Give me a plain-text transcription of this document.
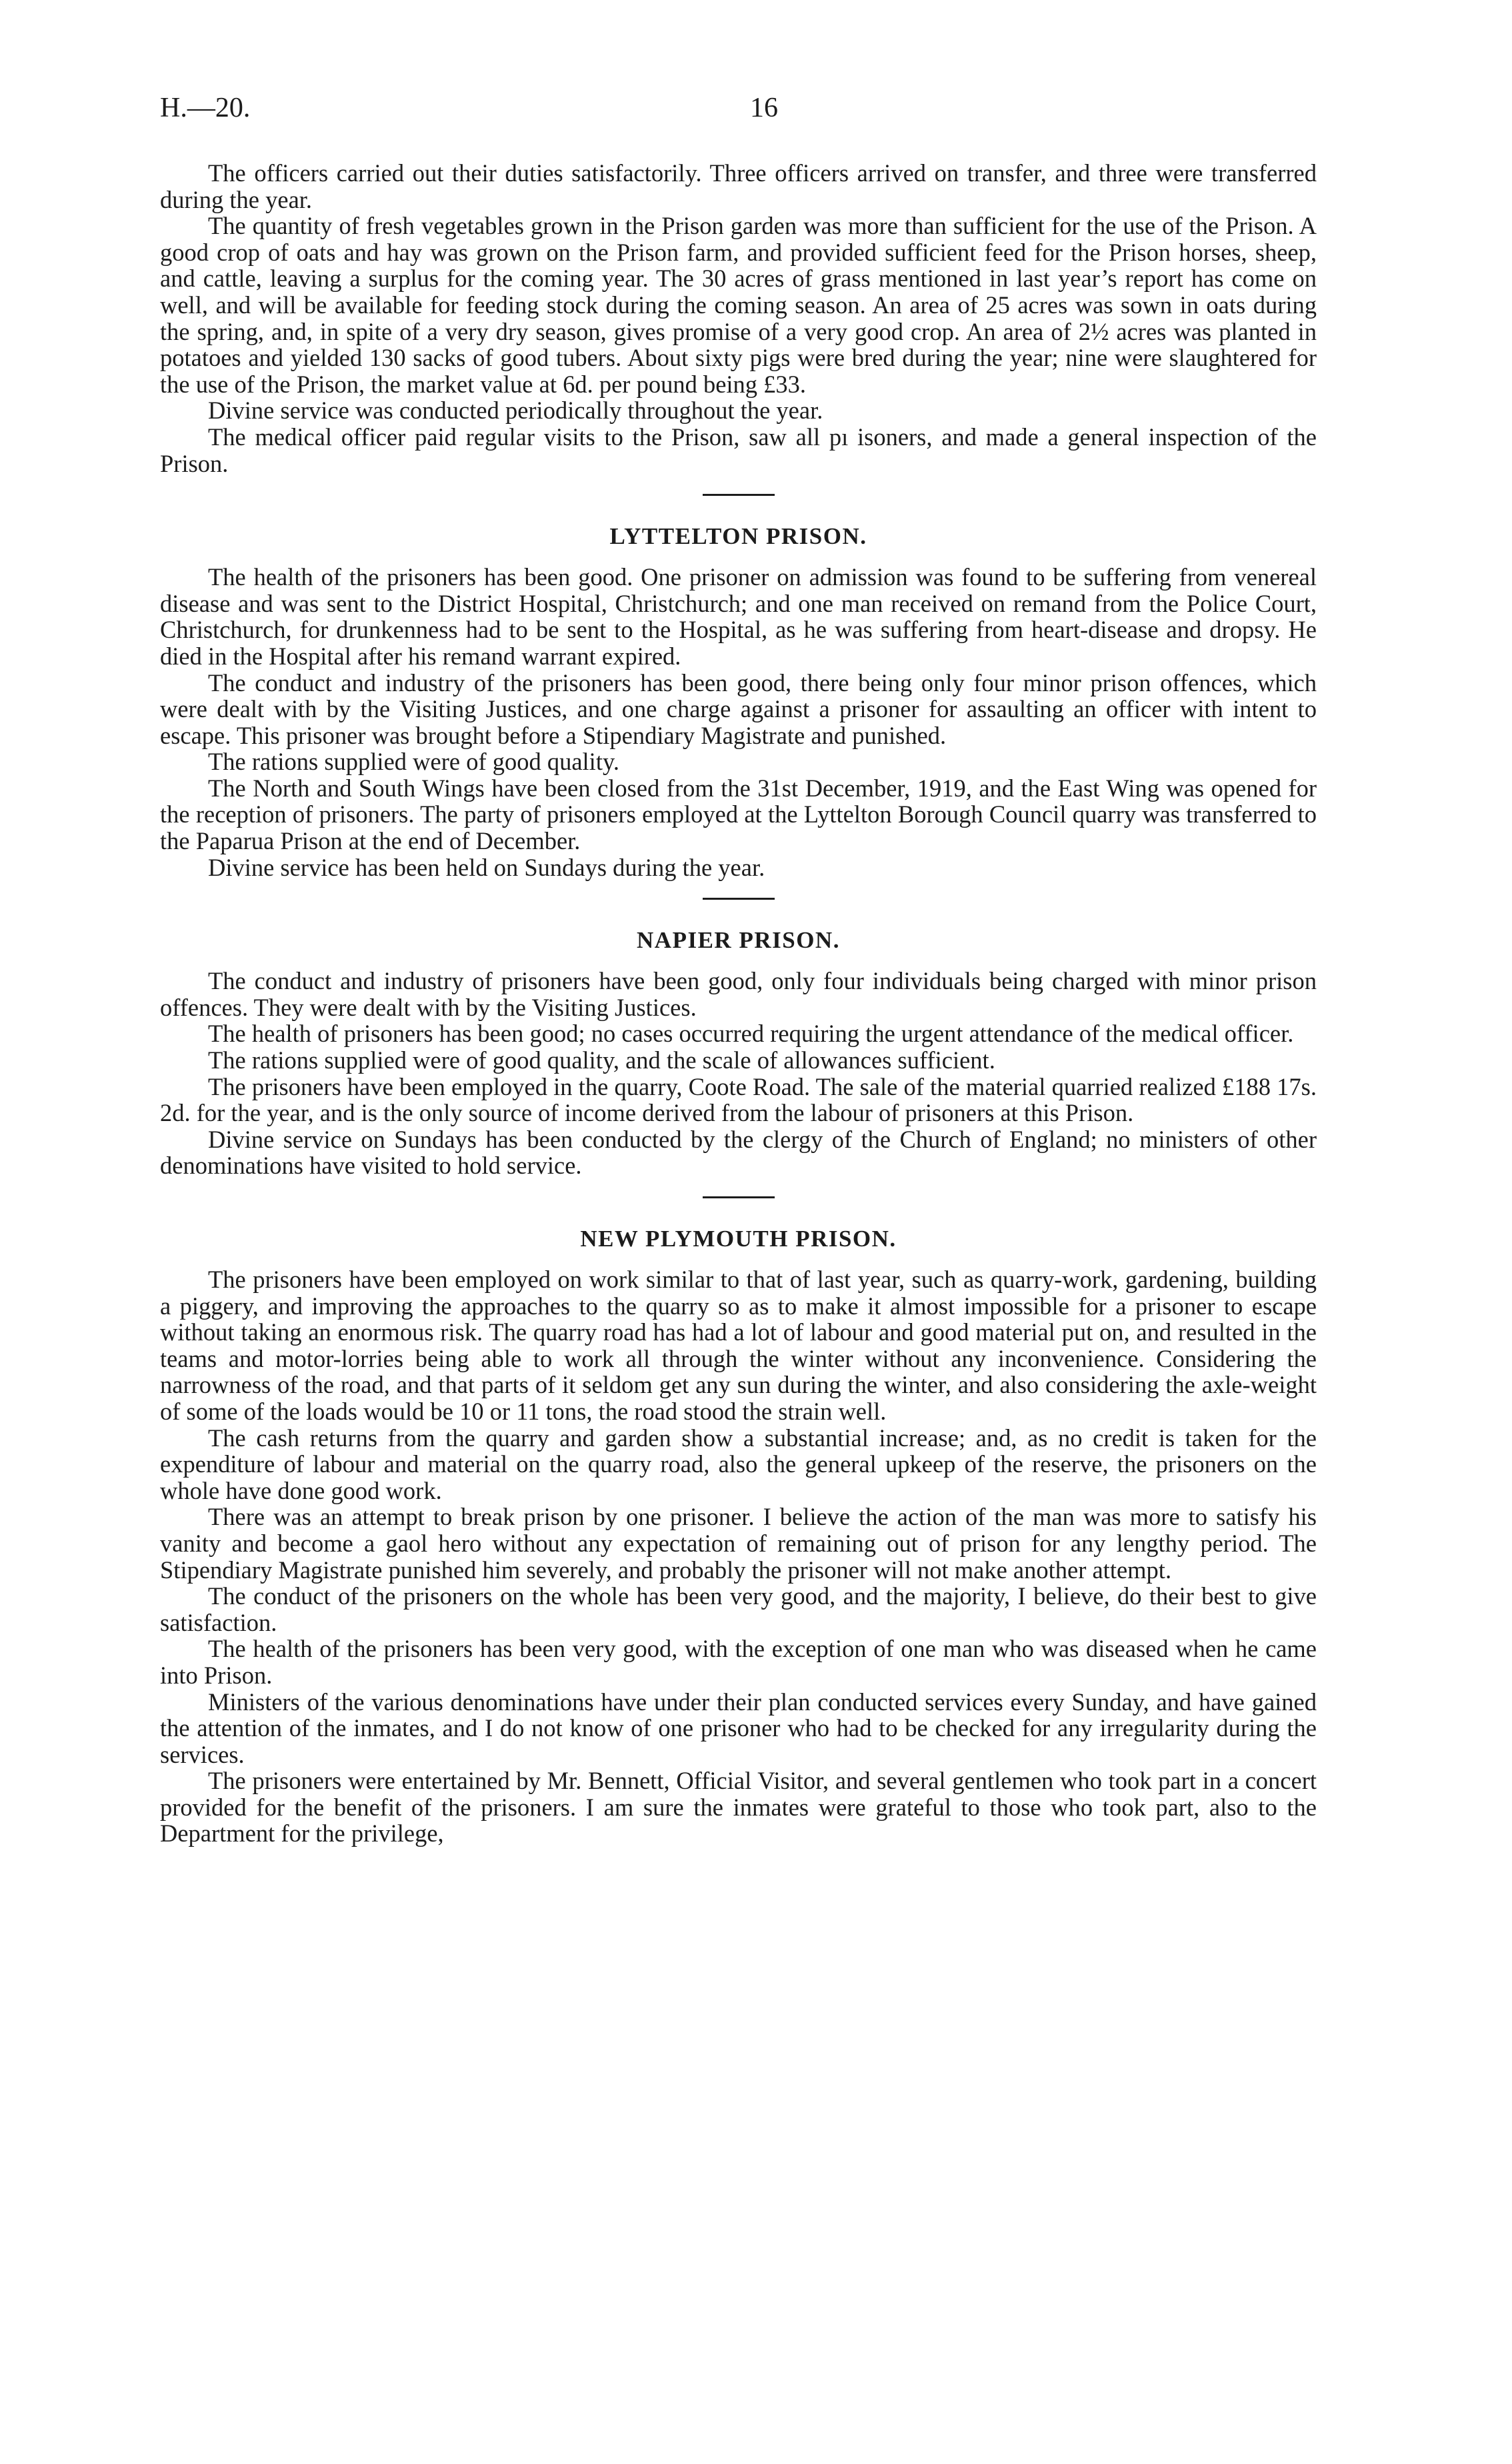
H.—20.	16

The officers carried out their duties satisfactorily. Three officers arrived on transfer, and three were transferred during the year.

The quantity of fresh vegetables grown in the Prison garden was more than sufficient for the use of the Prison. A good crop of oats and hay was grown on the Prison farm, and provided sufficient feed for the Prison horses, sheep, and cattle, leaving a surplus for the coming year. The 30 acres of grass mentioned in last year’s report has come on well, and will be available for feeding stock during the coming season. An area of 25 acres was sown in oats during the spring, and, in spite of a very dry season, gives promise of a very good crop. An area of 2½ acres was planted in potatoes and yielded 130 sacks of good tubers. About sixty pigs were bred during the year; nine were slaughtered for the use of the Prison, the market value at 6d. per pound being £33.

Divine service was conducted periodically throughout the year.

The medical officer paid regular visits to the Prison, saw all pı isoners, and made a general inspection of the Prison.

LYTTELTON PRISON.

The health of the prisoners has been good. One prisoner on admission was found to be suffering from venereal disease and was sent to the District Hospital, Christchurch; and one man received on remand from the Police Court, Christchurch, for drunkenness had to be sent to the Hospital, as he was suffering from heart-disease and dropsy. He died in the Hospital after his remand warrant expired.

The conduct and industry of the prisoners has been good, there being only four minor prison offences, which were dealt with by the Visiting Justices, and one charge against a prisoner for assaulting an officer with intent to escape. This prisoner was brought before a Stipendiary Magistrate and punished.

The rations supplied were of good quality.

The North and South Wings have been closed from the 31st December, 1919, and the East Wing was opened for the reception of prisoners. The party of prisoners employed at the Lyttelton Borough Council quarry was transferred to the Paparua Prison at the end of December.

Divine service has been held on Sundays during the year.

NAPIER PRISON.

The conduct and industry of prisoners have been good, only four individuals being charged with minor prison offences. They were dealt with by the Visiting Justices.

The health of prisoners has been good; no cases occurred requiring the urgent attendance of the medical officer.

The rations supplied were of good quality, and the scale of allowances sufficient.

The prisoners have been employed in the quarry, Coote Road. The sale of the material quarried realized £188 17s. 2d. for the year, and is the only source of income derived from the labour of prisoners at this Prison.

Divine service on Sundays has been conducted by the clergy of the Church of England; no ministers of other denominations have visited to hold service.

NEW PLYMOUTH PRISON.

The prisoners have been employed on work similar to that of last year, such as quarry-work, gardening, building a piggery, and improving the approaches to the quarry so as to make it almost impossible for a prisoner to escape without taking an enormous risk. The quarry road has had a lot of labour and good material put on, and resulted in the teams and motor-lorries being able to work all through the winter without any inconvenience. Considering the narrowness of the road, and that parts of it seldom get any sun during the winter, and also considering the axle-weight of some of the loads would be 10 or 11 tons, the road stood the strain well.

The cash returns from the quarry and garden show a substantial increase; and, as no credit is taken for the expenditure of labour and material on the quarry road, also the general upkeep of the reserve, the prisoners on the whole have done good work.

There was an attempt to break prison by one prisoner. I believe the action of the man was more to satisfy his vanity and become a gaol hero without any expectation of remaining out of prison for any lengthy period. The Stipendiary Magistrate punished him severely, and probably the prisoner will not make another attempt.

The conduct of the prisoners on the whole has been very good, and the majority, I believe, do their best to give satisfaction.

The health of the prisoners has been very good, with the exception of one man who was diseased when he came into Prison.

Ministers of the various denominations have under their plan conducted services every Sunday, and have gained the attention of the inmates, and I do not know of one prisoner who had to be checked for any irregularity during the services.

The prisoners were entertained by Mr. Bennett, Official Visitor, and several gentlemen who took part in a concert provided for the benefit of the prisoners. I am sure the inmates were grateful to those who took part, also to the Department for the privilege,
